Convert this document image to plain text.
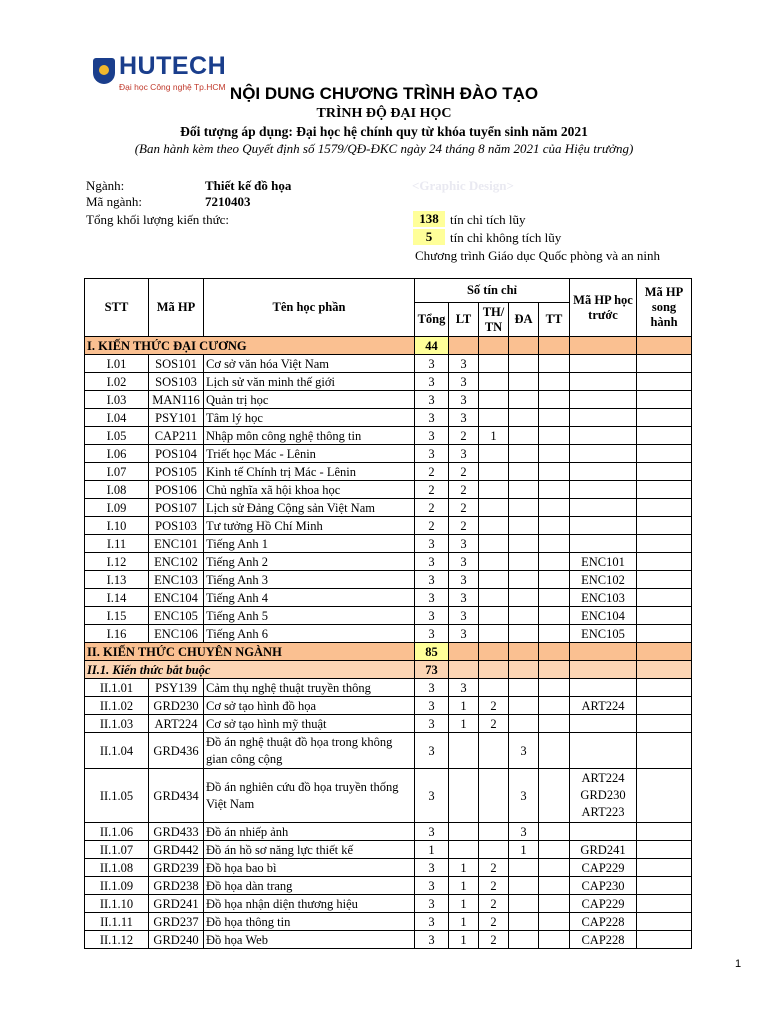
HUTECH
Đại học Công nghệ Tp.HCM NỘI DUNG CHƯƠNG TRÌNH ĐÀO TẠO
TRÌNH ĐỘ ĐẠI HỌC
Đối tượng áp dụng: Đại học hệ chính quy từ khóa tuyển sinh năm 2021
(Ban hành kèm theo Quyết định số 1579/QĐ-ĐKC ngày 24 tháng 8 năm 2021 của Hiệu trưởng)
Ngành:	Thiết kế đồ họa	<Graphic Design>
Mã ngành:	7210403
Tổng khối lượng kiến thức:	138 tín chỉ tích lũy
5	tín chỉ không tích lũy
Chương trình Giáo dục Quốc phòng và an ninh
STT	Mã HP	Tên học phần	Số tín chỉ					Mã HP học trước	Mã HP song hành
			Tổng	LT	TH/ TN	ĐA	TT		
I. KIẾN THỨC ĐẠI CƯƠNG			44						
I.01	SOS101	Cơ sở văn hóa Việt Nam	3	3					
I.02	SOS103	Lịch sử văn minh thế giới	3	3					
I.03	MAN116	Quản trị học	3	3					
I.04	PSY101	Tâm lý học	3	3					
I.05	CAP211	Nhập môn công nghệ thông tin	3	2	1				
I.06	POS104	Triết học Mác - Lênin	3	3					
I.07	POS105	Kinh tế Chính trị Mác - Lênin	2	2					
I.08	POS106	Chủ nghĩa xã hội khoa học	2	2					
I.09	POS107	Lịch sử Đảng Cộng sản Việt Nam	2	2					
I.10	POS103	Tư tưởng Hồ Chí Minh	2	2					
I.11	ENC101	Tiếng Anh 1	3	3					
I.12	ENC102	Tiếng Anh 2	3	3				ENC101	
I.13	ENC103	Tiếng Anh 3	3	3				ENC102	
I.14	ENC104	Tiếng Anh 4	3	3				ENC103	
I.15	ENC105	Tiếng Anh 5	3	3				ENC104	
I.16	ENC106	Tiếng Anh 6	3	3				ENC105	
II. KIẾN THỨC CHUYÊN NGÀNH			85						
II.1. Kiến thức bắt buộc			73						
II.1.01	PSY139	Cảm thụ nghệ thuật truyền thông	3	3					
II.1.02	GRD230	Cơ sở tạo hình đồ họa	3	1	2			ART224	
II.1.03	ART224	Cơ sở tạo hình mỹ thuật	3	1	2				
II.1.04	GRD436	Đồ án nghệ thuật đồ họa trong không gian công cộng	3			3			
II.1.05	GRD434	Đồ án nghiên cứu đồ họa truyền thống Việt Nam	3			3		ART224 GRD230 ART223	
II.1.06	GRD433	Đồ án nhiếp ảnh	3			3			
II.1.07	GRD442	Đồ án hồ sơ năng lực thiết kế	1			1		GRD241	
II.1.08	GRD239	Đồ họa bao bì	3	1	2			CAP229	
II.1.09	GRD238	Đồ họa dàn trang	3	1	2			CAP230	
II.1.10	GRD241	Đồ họa nhận diện thương hiệu	3	1	2			CAP229	
II.1.11	GRD237	Đồ họa thông tin	3	1	2			CAP228	
II.1.12	GRD240	Đồ họa Web	3	1	2			CAP228	
1
